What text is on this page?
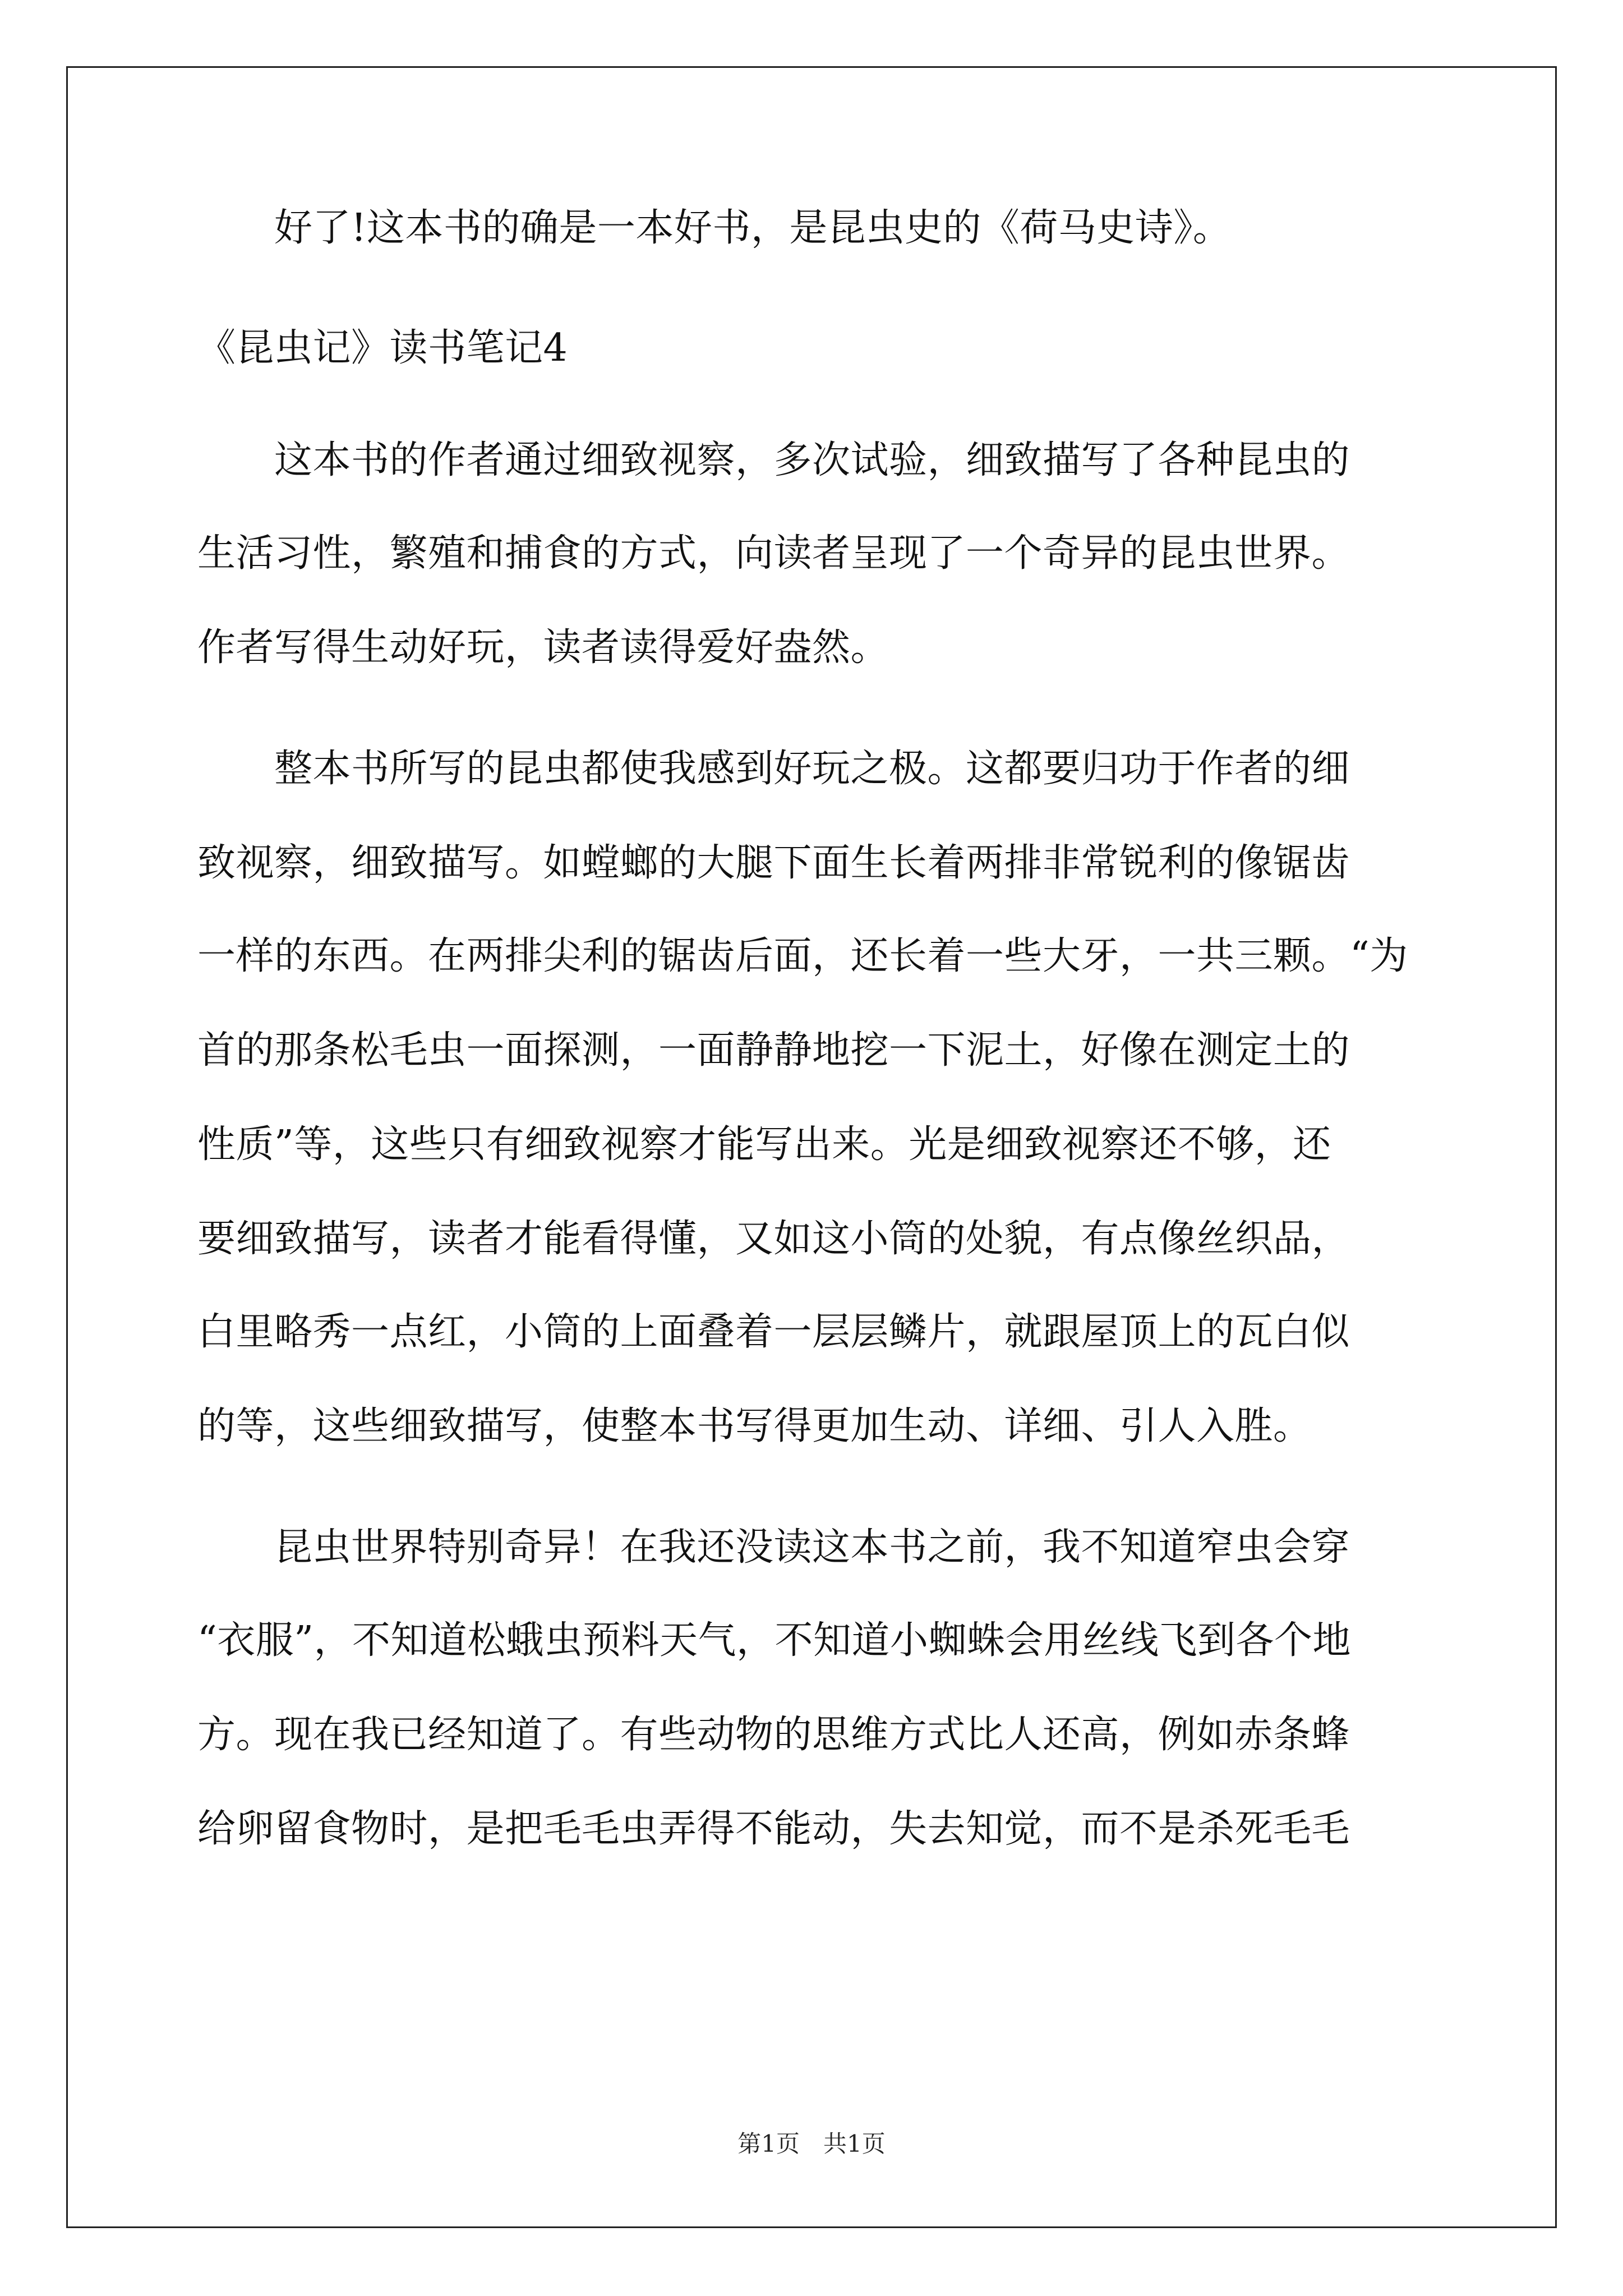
　　好了!这本书的确是一本好书，是昆虫史的《荷马史诗》。

《昆虫记》读书笔记4

　　这本书的作者通过细致视察，多次试验，细致描写了各种昆虫的

生活习性，繁殖和捕食的方式，向读者呈现了一个奇异的昆虫世界。

作者写得生动好玩，读者读得爱好盎然。

　　整本书所写的昆虫都使我感到好玩之极。这都要归功于作者的细

致视察，细致描写。如螳螂的大腿下面生长着两排非常锐利的像锯齿

一样的东西。在两排尖利的锯齿后面，还长着一些大牙，一共三颗。“为

首的那条松毛虫一面探测，一面静静地挖一下泥土，好像在测定土的

性质”等，这些只有细致视察才能写出来。光是细致视察还不够，还

要细致描写，读者才能看得懂，又如这小筒的处貌，有点像丝织品，

白里略秀一点红，小筒的上面叠着一层层鳞片，就跟屋顶上的瓦白似

的等，这些细致描写，使整本书写得更加生动、详细、引人入胜。

　　昆虫世界特别奇异！在我还没读这本书之前，我不知道窄虫会穿

“衣服”，不知道松蛾虫预料天气，不知道小蜘蛛会用丝线飞到各个地

方。现在我已经知道了。有些动物的思维方式比人还高，例如赤条蜂

给卵留食物时，是把毛毛虫弄得不能动，失去知觉，而不是杀死毛毛

第1页　共1页
